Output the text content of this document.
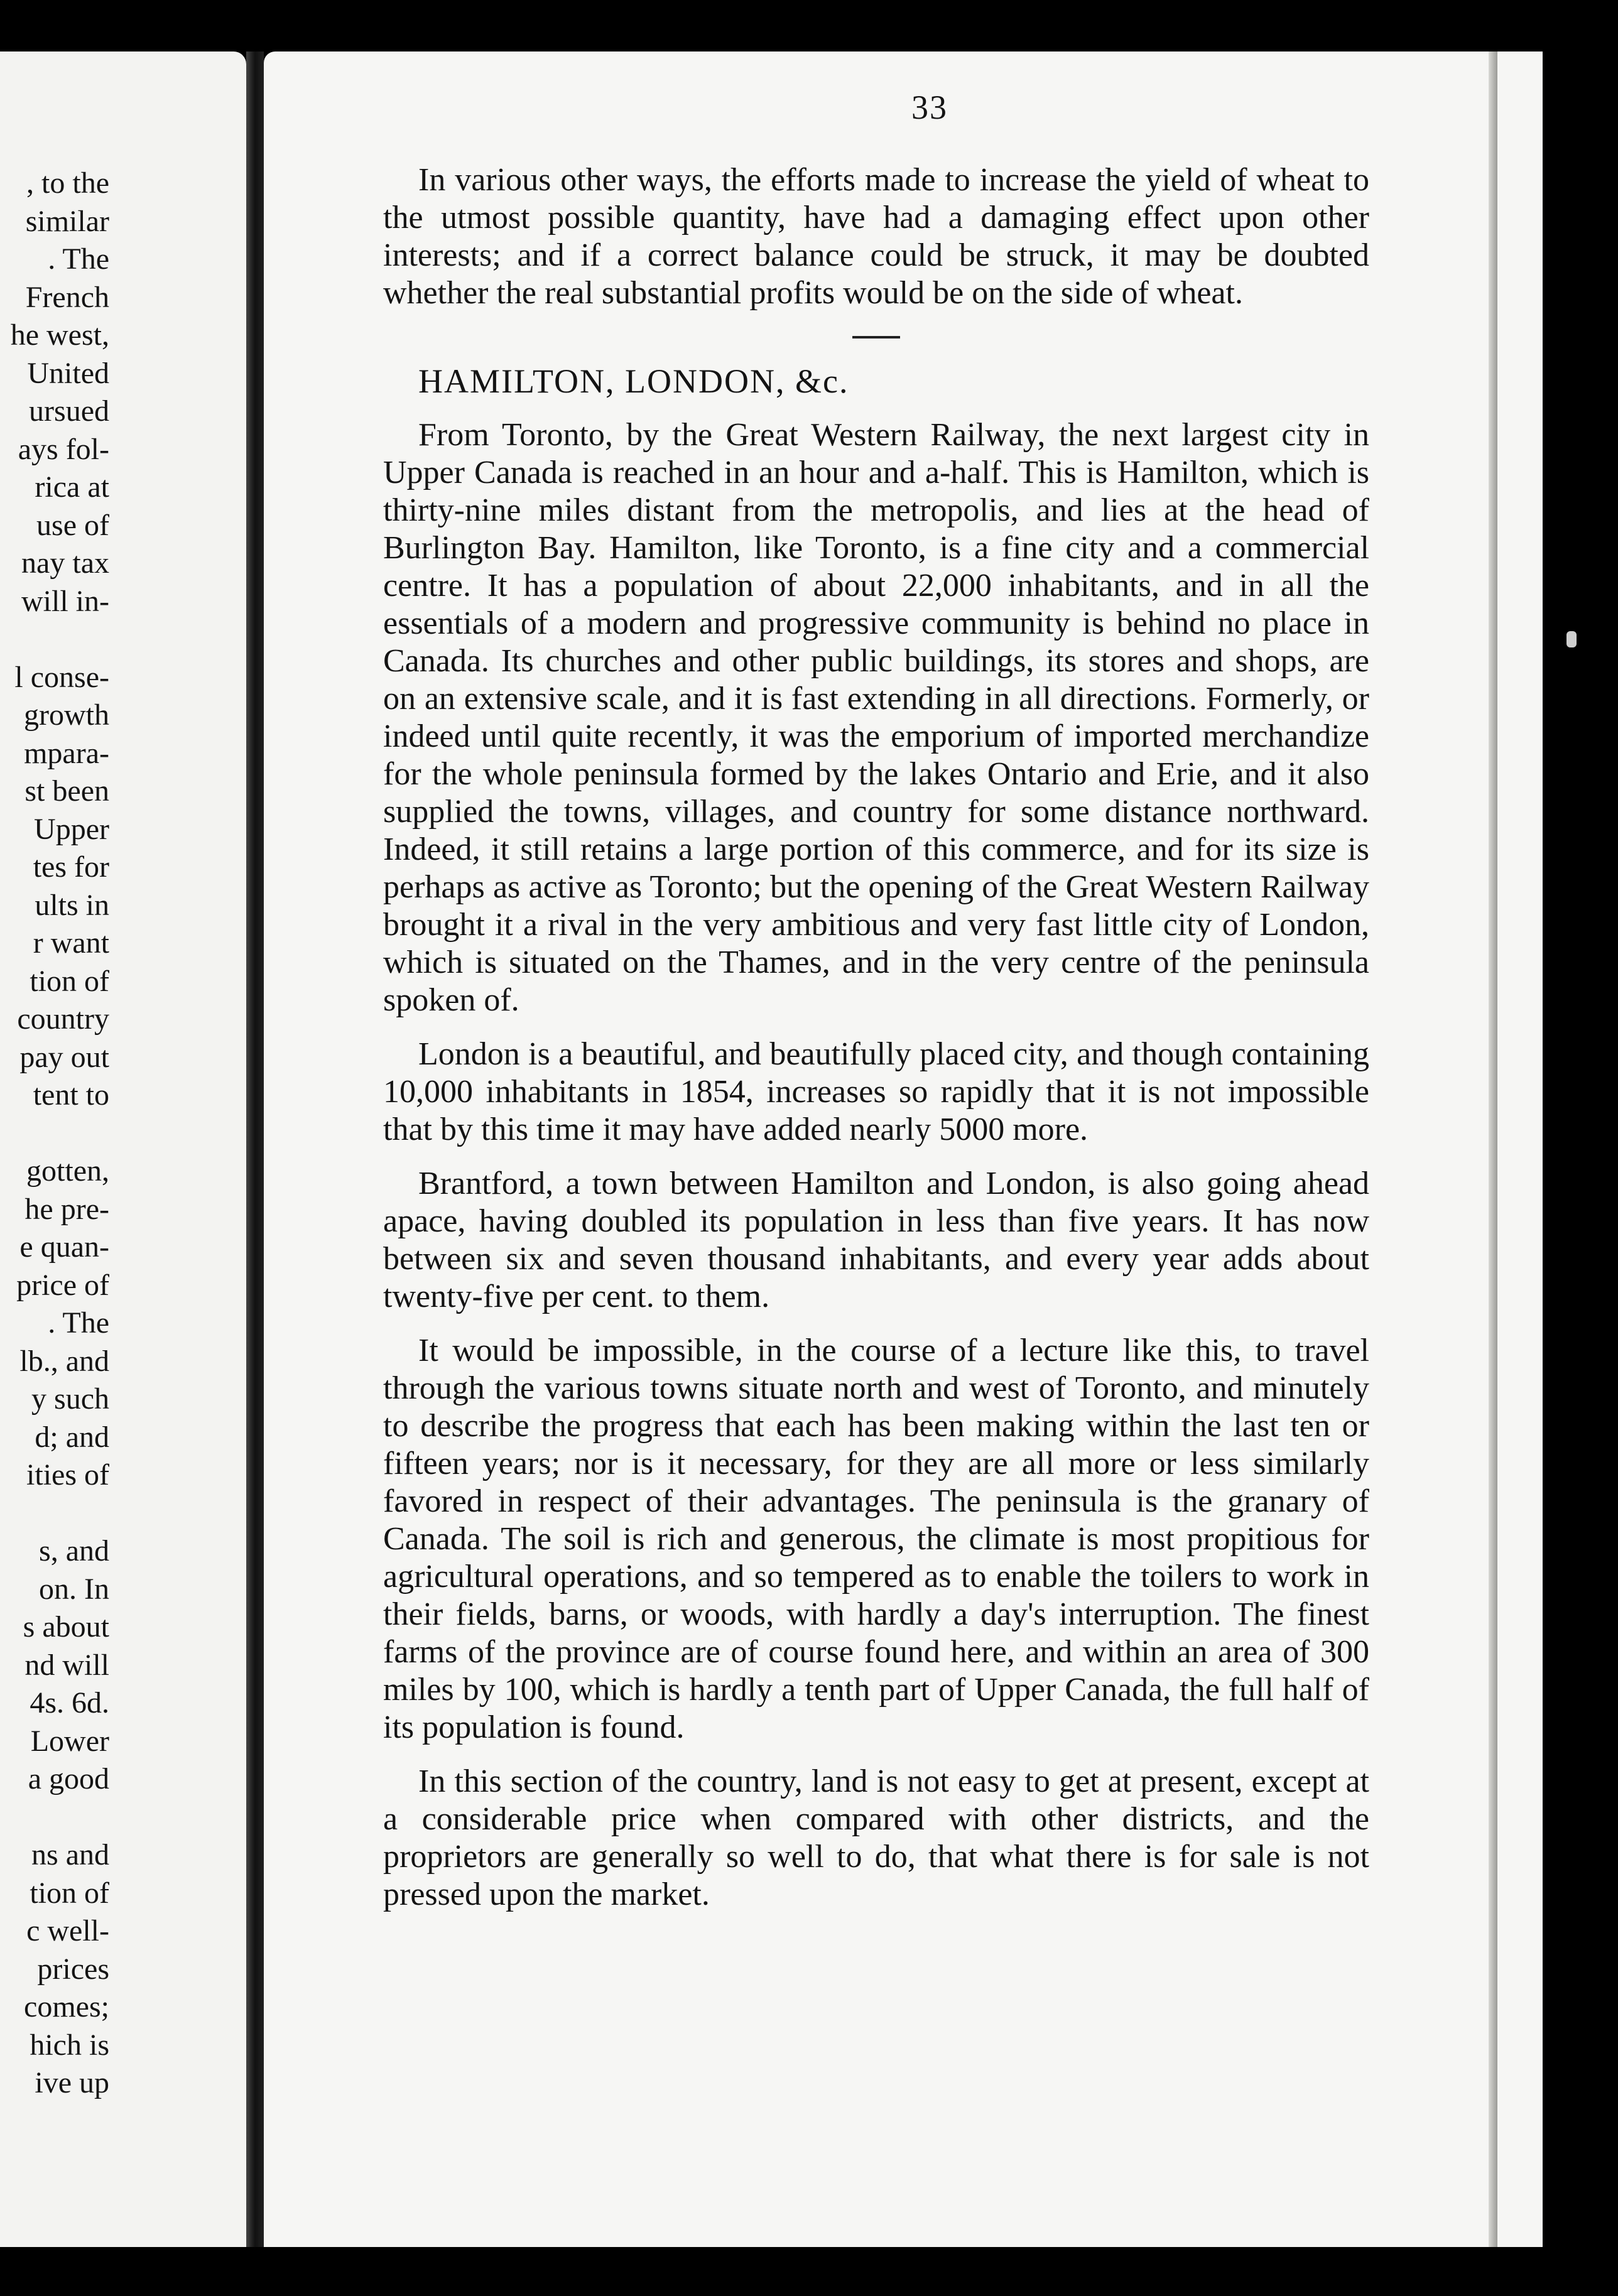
, to the
similar
. The
French
he west,
United
ursued
ays fol-
rica at
use of
nay tax
will in-
l conse-
growth
mpara-
st been
Upper
tes for
ults in
r want
tion of
country
pay out
tent to
gotten,
he pre-
e quan-
price of
. The
lb., and
y such
d; and
ities of
s, and
on. In
s about
nd will
4s. 6d.
Lower
a good
ns and
tion of
c well-
prices
comes;
hich is
ive up
33

In various other ways, the efforts made to increase the yield of wheat to the utmost possible quantity, have had a damaging effect upon other interests; and if a correct balance could be struck, it may be doubted whether the real substantial profits would be on the side of wheat.

HAMILTON, LONDON, &c.

From Toronto, by the Great Western Railway, the next largest city in Upper Canada is reached in an hour and a-half. This is Hamilton, which is thirty-nine miles distant from the metropolis, and lies at the head of Burlington Bay. Hamilton, like Toronto, is a fine city and a commercial centre. It has a population of about 22,000 inhabitants, and in all the essentials of a modern and progressive community is behind no place in Canada. Its churches and other public buildings, its stores and shops, are on an extensive scale, and it is fast extending in all directions. Formerly, or indeed until quite recently, it was the emporium of imported merchandize for the whole peninsula formed by the lakes Ontario and Erie, and it also supplied the towns, villages, and country for some distance northward. Indeed, it still retains a large portion of this commerce, and for its size is perhaps as active as Toronto; but the opening of the Great Western Railway brought it a rival in the very ambitious and very fast little city of London, which is situated on the Thames, and in the very centre of the peninsula spoken of.

London is a beautiful, and beautifully placed city, and though containing 10,000 inhabitants in 1854, increases so rapidly that it is not impossible that by this time it may have added nearly 5000 more.

Brantford, a town between Hamilton and London, is also going ahead apace, having doubled its population in less than five years. It has now between six and seven thousand inhabitants, and every year adds about twenty-five per cent. to them.

It would be impossible, in the course of a lecture like this, to travel through the various towns situate north and west of Toronto, and minutely to describe the progress that each has been making within the last ten or fifteen years; nor is it necessary, for they are all more or less similarly favored in respect of their advantages. The peninsula is the granary of Canada. The soil is rich and generous, the climate is most propitious for agricultural operations, and so tempered as to enable the toilers to work in their fields, barns, or woods, with hardly a day's interruption. The finest farms of the province are of course found here, and within an area of 300 miles by 100, which is hardly a tenth part of Upper Canada, the full half of its population is found.

In this section of the country, land is not easy to get at present, except at a considerable price when compared with other districts, and the proprietors are generally so well to do, that what there is for sale is not pressed upon the market.
